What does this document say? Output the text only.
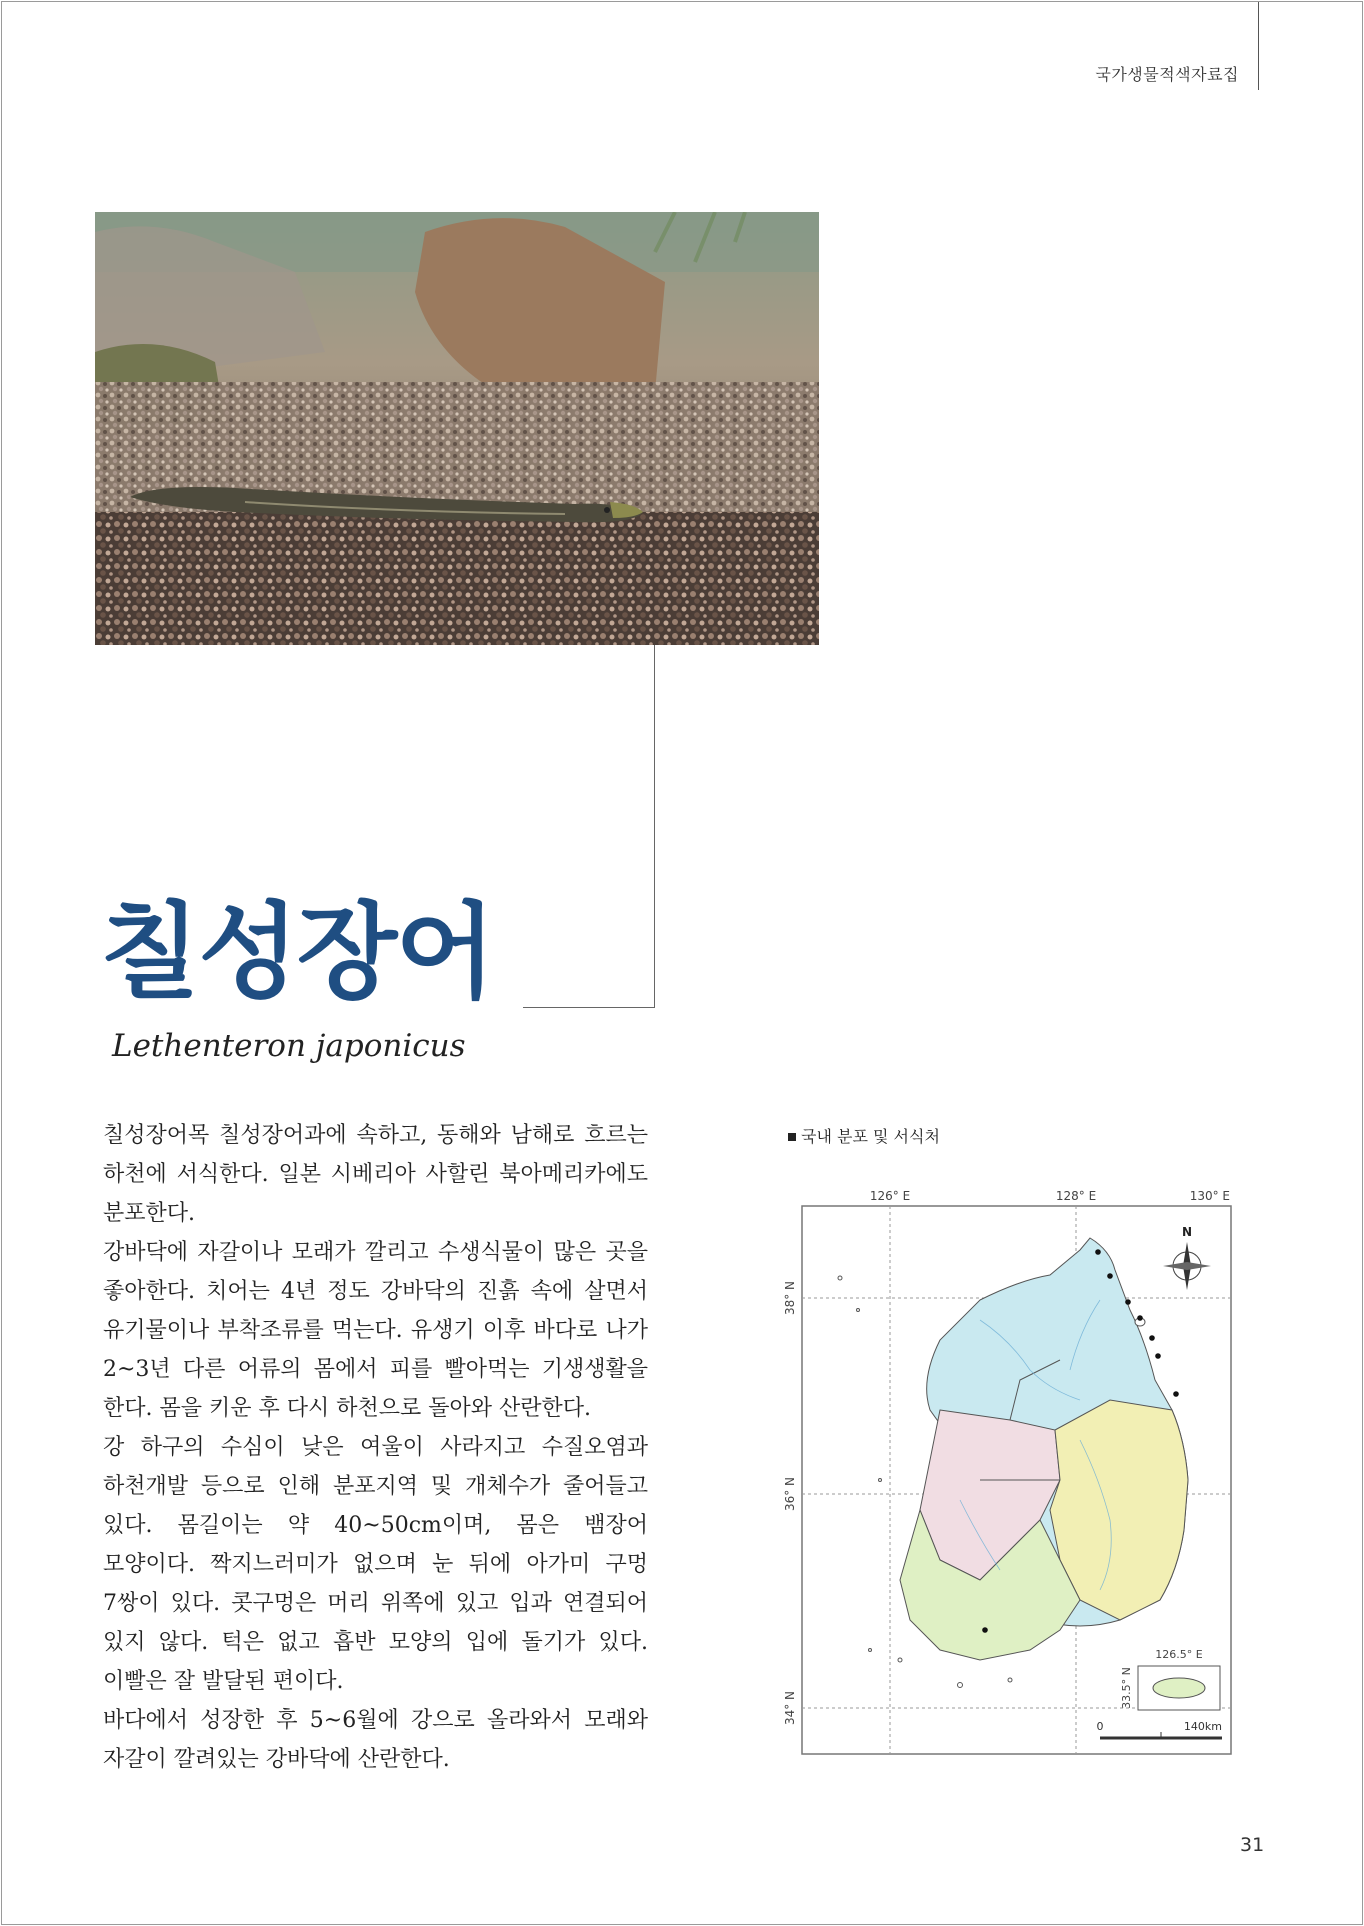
국가생물적색자료집
칠성장어
Lethenteron japonicus

칠성장어목 칠성장어과에 속하고, 동해와 남해로 흐르는 하천에 서식한다. 일본 시베리아 사할린 북아메리카에도 분포한다.

강바닥에 자갈이나 모래가 깔리고 수생식물이 많은 곳을 좋아한다. 치어는 4년 정도 강바닥의 진흙 속에 살면서 유기물이나 부착조류를 먹는다. 유생기 이후 바다로 나가 2~3년 다른 어류의 몸에서 피를 빨아먹는 기생생활을 한다. 몸을 키운 후 다시 하천으로 돌아와 산란한다.

강 하구의 수심이 낮은 여울이 사라지고 수질오염과 하천개발 등으로 인해 분포지역 및 개체수가 줄어들고 있다. 몸길이는 약 40~50cm이며, 몸은 뱀장어 모양이다. 짝지느러미가 없으며 눈 뒤에 아가미 구멍 7쌍이 있다. 콧구멍은 머리 위쪽에 있고 입과 연결되어 있지 않다. 턱은 없고 흡반 모양의 입에 돌기가 있다. 이빨은 잘 발달된 편이다.

바다에서 성장한 후 5~6월에 강으로 올라와서 모래와 자갈이 깔려있는 강바닥에 산란한다.

국내 분포 및 서식처
126° E	128° E	130° E
38° N
36° N
34° N
N
126.5° E
33.5° N
0	140km
31
